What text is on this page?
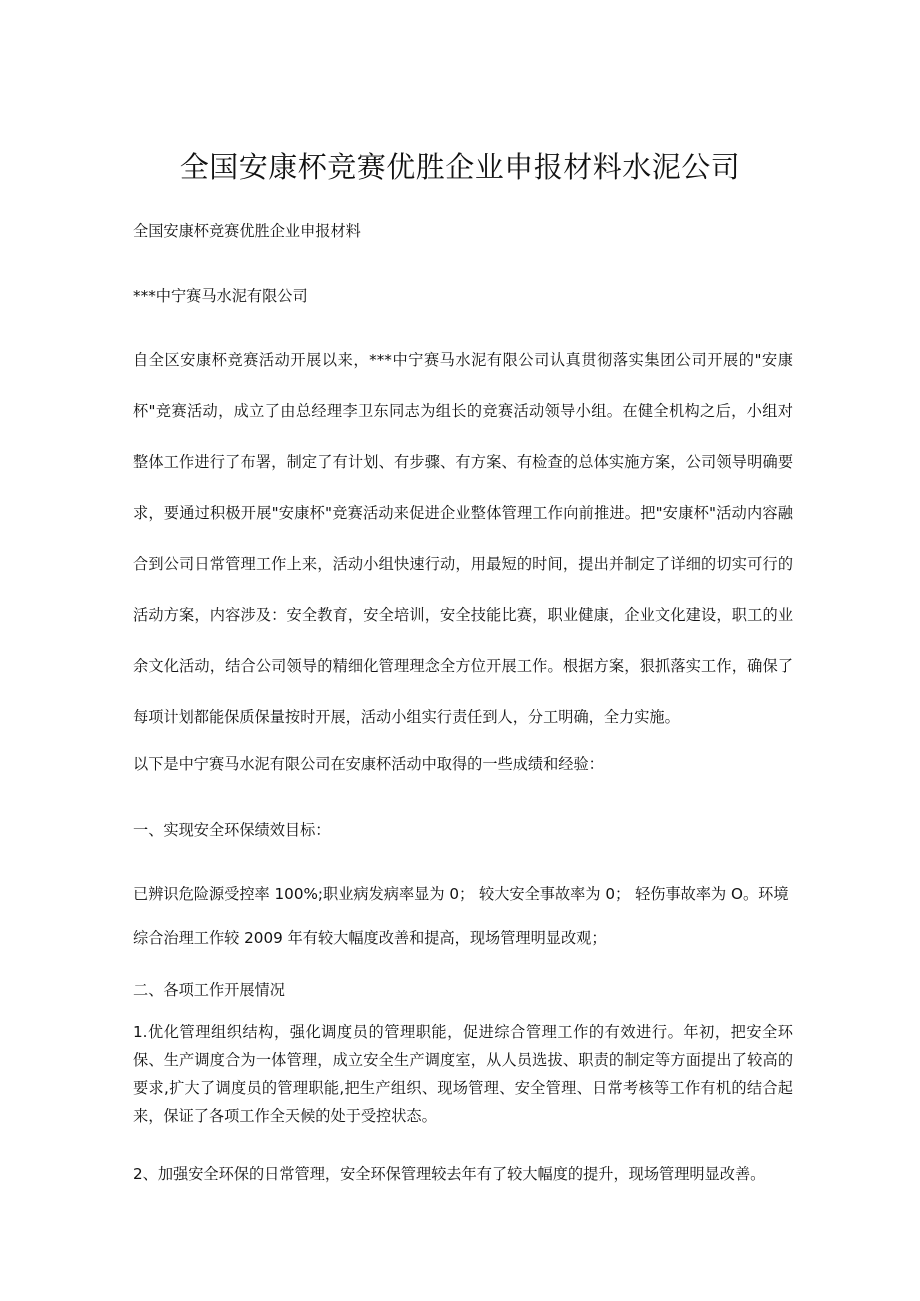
全国安康杯竞赛优胜企业申报材料水泥公司
全国安康杯竞赛优胜企业申报材料
***中宁赛马水泥有限公司
自全区安康杯竞赛活动开展以来，***中宁赛马水泥有限公司认真贯彻落实集团公司开展的"安康杯"竞赛活动，成立了由总经理李卫东同志为组长的竞赛活动领导小组。在健全机构之后，小组对整体工作进行了布署，制定了有计划、有步骤、有方案、有检查的总体实施方案，公司领导明确要求，要通过积极开展"安康杯"竞赛活动来促进企业整体管理工作向前推进。把"安康杯"活动内容融合到公司日常管理工作上来，活动小组快速行动，用最短的时间，提出并制定了详细的切实可行的活动方案，内容涉及：安全教育，安全培训，安全技能比赛，职业健康，企业文化建设，职工的业余文化活动，结合公司领导的精细化管理理念全方位开展工作。根据方案，狠抓落实工作，确保了每项计划都能保质保量按时开展，活动小组实行责任到人，分工明确，全力实施。
以下是中宁赛马水泥有限公司在安康杯活动中取得的一些成绩和经验：
一、实现安全环保绩效目标：
已辨识危险源受控率 100%;职业病发病率显为 0； 较大安全事故率为 0； 轻伤事故率为 O。环境综合治理工作较 2009 年有较大幅度改善和提高，现场管理明显改观；
二、各项工作开展情况
1.优化管理组织结构，强化调度员的管理职能，促进综合管理工作的有效进行。年初，把安全环保、生产调度合为一体管理，成立安全生产调度室，从人员选拔、职责的制定等方面提出了较高的要求,扩大了调度员的管理职能,把生产组织、现场管理、安全管理、日常考核等工作有机的结合起来，保证了各项工作全天候的处于受控状态。
2、加强安全环保的日常管理，安全环保管理较去年有了较大幅度的提升，现场管理明显改善。
